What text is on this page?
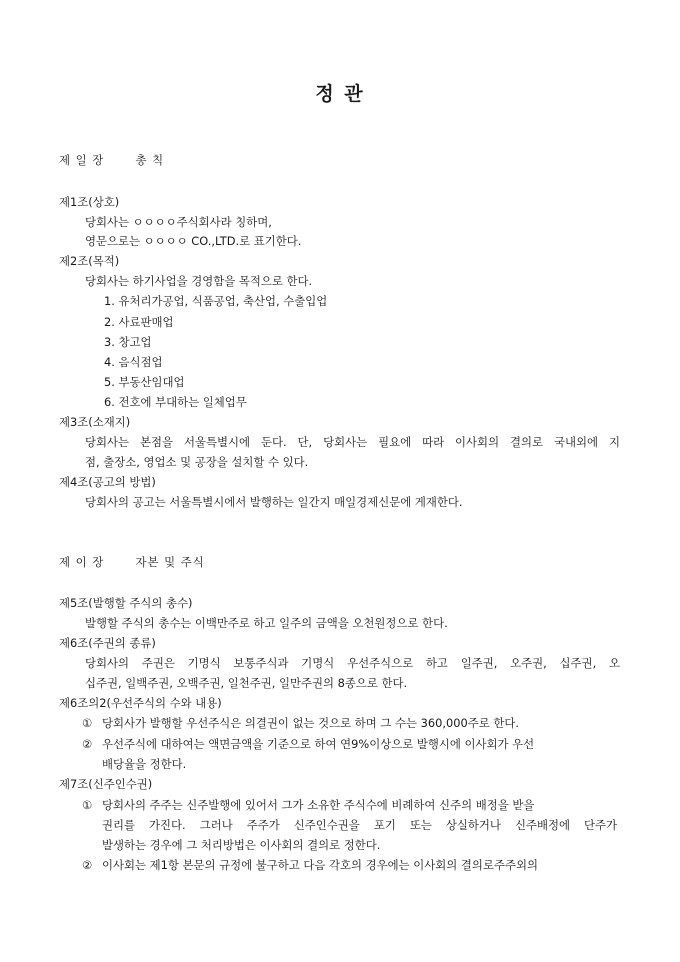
정 관
제 일 장	총 칙
제1조(상호)
당회사는 ㅇㅇㅇㅇ주식회사라 칭하며,
영문으로는 ㅇㅇㅇㅇ CO.,LTD.로 표기한다.
제2조(목적)
당회사는 하기사업을 경영함을 목적으로 한다.
1. 유처리가공업, 식품공업, 축산업, 수출입업
2. 사료판매업
3. 창고업
4. 음식점업
5. 부동산임대업
6. 전호에 부대하는 일체업무
제3조(소재지)
당회사는 본점을 서울특별시에 둔다. 단, 당회사는 필요에 따라 이사회의 결의로 국내외에 지
점, 출장소, 영업소 및 공장을 설치할 수 있다.
제4조(공고의 방법)
당회사의 공고는 서울특별시에서 발행하는 일간지 매일경제신문에 게재한다.
제 이 장	자본 및 주식
제5조(발행할 주식의 총수)
발행할 주식의 총수는 이백만주로 하고 일주의 금액을 오천원정으로 한다.
제6조(주권의 종류)
당회사의 주권은 기명식 보통주식과 기명식 우선주식으로 하고 일주권, 오주권, 십주권, 오
십주권, 일백주권, 오백주권, 일천주권, 일만주권의 8종으로 한다.
제6조의2(우선주식의 수와 내용)
① 당회사가 발행할 우선주식은 의결권이 없는 것으로 하며 그 수는 360,000주로 한다.
② 우선주식에 대하여는 액면금액을 기준으로 하여 연9%이상으로 발행시에 이사회가 우선
배당율을 정한다.
제7조(신주인수권)
① 당회사의 주주는 신주발행에 있어서 그가 소유한 주식수에 비례하여 신주의 배정을 받을
권리를 가진다. 그러나 주주가 신주인수권을 포기 또는 상실하거나 신주배정에 단주가
발생하는 경우에 그 처리방법은 이사회의 결의로 정한다.
② 이사회는 제1항 본문의 규정에 불구하고 다음 각호의 경우에는 이사회의 결의로주주외의
